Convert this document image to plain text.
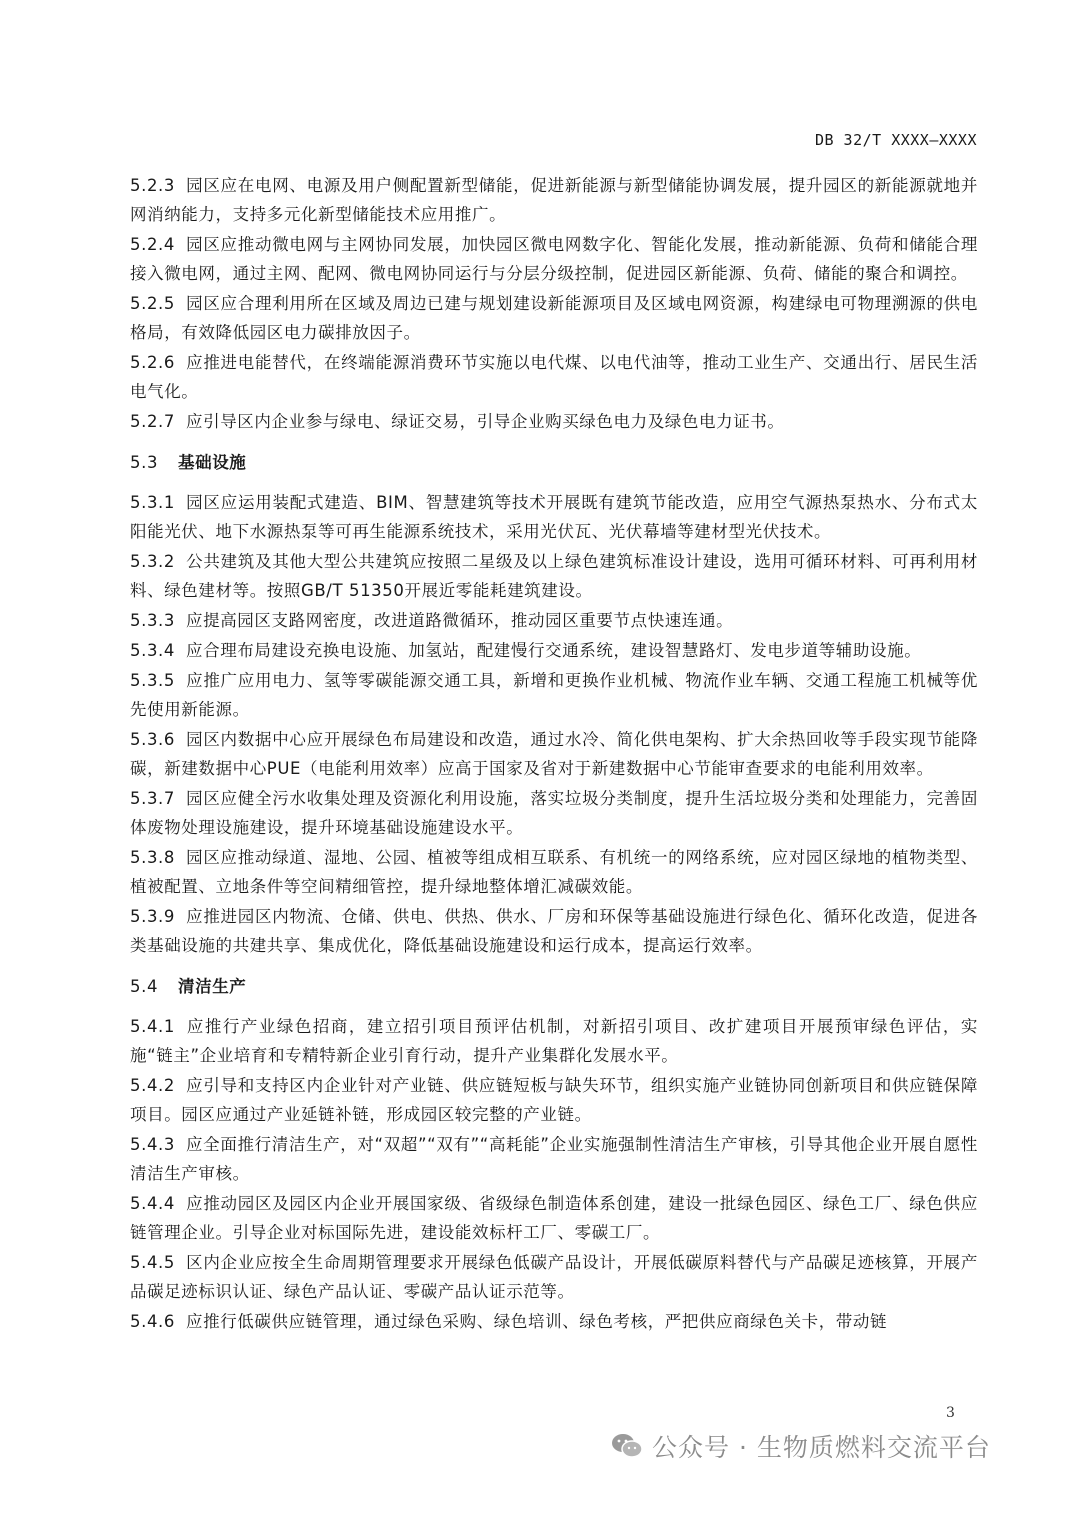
DB 32/T XXXX—XXXX

5.2.3 园区应在电网、电源及用户侧配置新型储能，促进新能源与新型储能协调发展，提升园区的新能源就地并网消纳能力，支持多元化新型储能技术应用推广。

5.2.4 园区应推动微电网与主网协同发展，加快园区微电网数字化、智能化发展，推动新能源、负荷和储能合理接入微电网，通过主网、配网、微电网协同运行与分层分级控制，促进园区新能源、负荷、储能的聚合和调控。

5.2.5 园区应合理利用所在区域及周边已建与规划建设新能源项目及区域电网资源，构建绿电可物理溯源的供电格局，有效降低园区电力碳排放因子。

5.2.6 应推进电能替代，在终端能源消费环节实施以电代煤、以电代油等，推动工业生产、交通出行、居民生活电气化。

5.2.7 应引导区内企业参与绿电、绿证交易，引导企业购买绿色电力及绿色电力证书。

5.3 基础设施

5.3.1 园区应运用装配式建造、BIM、智慧建筑等技术开展既有建筑节能改造，应用空气源热泵热水、分布式太阳能光伏、地下水源热泵等可再生能源系统技术，采用光伏瓦、光伏幕墙等建材型光伏技术。

5.3.2 公共建筑及其他大型公共建筑应按照二星级及以上绿色建筑标准设计建设，选用可循环材料、可再利用材料、绿色建材等。按照GB/T 51350开展近零能耗建筑建设。

5.3.3 应提高园区支路网密度，改进道路微循环，推动园区重要节点快速连通。

5.3.4 应合理布局建设充换电设施、加氢站，配建慢行交通系统，建设智慧路灯、发电步道等辅助设施。

5.3.5 应推广应用电力、氢等零碳能源交通工具，新增和更换作业机械、物流作业车辆、交通工程施工机械等优先使用新能源。

5.3.6 园区内数据中心应开展绿色布局建设和改造，通过水冷、简化供电架构、扩大余热回收等手段实现节能降碳，新建数据中心PUE（电能利用效率）应高于国家及省对于新建数据中心节能审查要求的电能利用效率。

5.3.7 园区应健全污水收集处理及资源化利用设施，落实垃圾分类制度，提升生活垃圾分类和处理能力，完善固体废物处理设施建设，提升环境基础设施建设水平。

5.3.8 园区应推动绿道、湿地、公园、植被等组成相互联系、有机统一的网络系统，应对园区绿地的植物类型、植被配置、立地条件等空间精细管控，提升绿地整体增汇减碳效能。

5.3.9 应推进园区内物流、仓储、供电、供热、供水、厂房和环保等基础设施进行绿色化、循环化改造，促进各类基础设施的共建共享、集成优化，降低基础设施建设和运行成本，提高运行效率。

5.4 清洁生产

5.4.1 应推行产业绿色招商，建立招引项目预评估机制，对新招引项目、改扩建项目开展预审绿色评估，实施“链主”企业培育和专精特新企业引育行动，提升产业集群化发展水平。

5.4.2 应引导和支持区内企业针对产业链、供应链短板与缺失环节，组织实施产业链协同创新项目和供应链保障项目。园区应通过产业延链补链，形成园区较完整的产业链。

5.4.3 应全面推行清洁生产，对“双超”“双有”“高耗能”企业实施强制性清洁生产审核，引导其他企业开展自愿性清洁生产审核。

5.4.4 应推动园区及园区内企业开展国家级、省级绿色制造体系创建，建设一批绿色园区、绿色工厂、绿色供应链管理企业。引导企业对标国际先进，建设能效标杆工厂、零碳工厂。

5.4.5 区内企业应按全生命周期管理要求开展绿色低碳产品设计，开展低碳原料替代与产品碳足迹核算，开展产品碳足迹标识认证、绿色产品认证、零碳产品认证示范等。

5.4.6 应推行低碳供应链管理，通过绿色采购、绿色培训、绿色考核，严把供应商绿色关卡，带动链

3
公众号 · 生物质燃料交流平台
